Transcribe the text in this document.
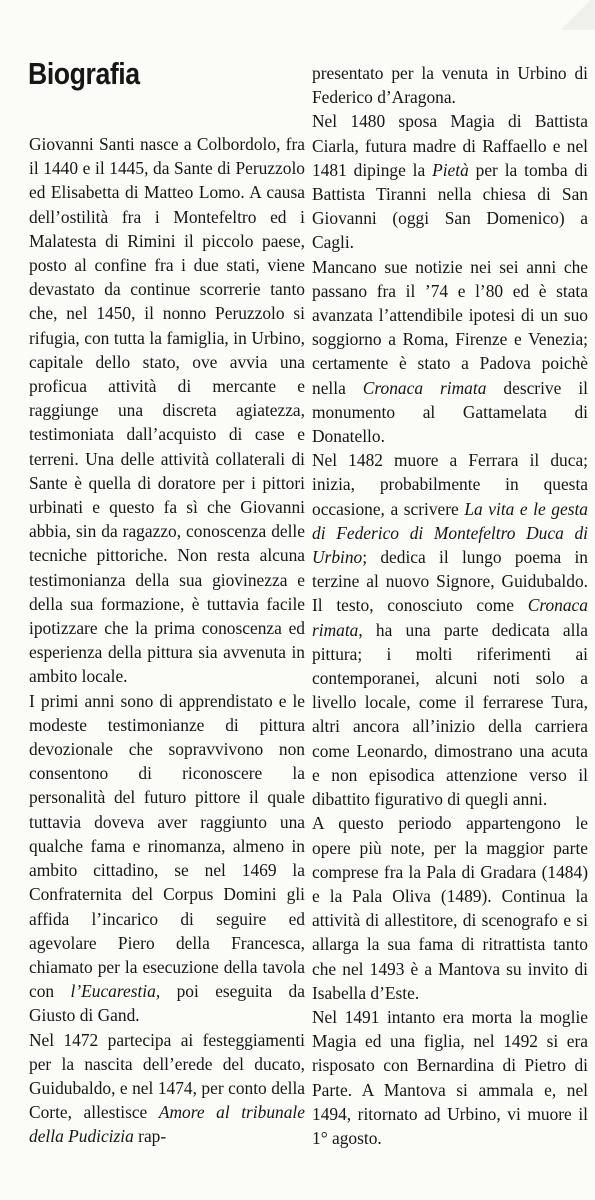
Biografia

Giovanni Santi nasce a Colbordolo, fra il 1440 e il 1445, da Sante di Peruzzolo ed Elisabetta di Matteo Lomo. A causa dell’ostilità fra i Montefeltro ed i Malatesta di Rimini il piccolo paese, posto al confine fra i due stati, viene devastato da continue scorrerie tanto che, nel 1450, il nonno Peruzzolo si rifugia, con tutta la famiglia, in Urbino, capitale dello stato, ove avvia una proficua attività di mercante e raggiunge una discreta agiatezza, testimoniata dall’acquisto di case e terreni. Una delle attività collaterali di Sante è quella di doratore per i pittori urbinati e questo fa sì che Giovanni abbia, sin da ragazzo, conoscenza delle tecniche pittoriche. Non resta alcuna testimonianza della sua giovinezza e della sua formazione, è tuttavia facile ipotizzare che la prima conoscenza ed esperienza della pittura sia avvenuta in ambito locale.

I primi anni sono di apprendistato e le modeste testimonianze di pittura devozionale che sopravvivono non consentono di riconoscere la personalità del futuro pittore il quale tuttavia doveva aver raggiunto una qualche fama e rinomanza, almeno in ambito cittadino, se nel 1469 la Confraternita del Corpus Domini gli affida l’incarico di seguire ed agevolare Piero della Francesca, chiamato per la esecuzione della tavola con l’Eucarestia, poi eseguita da Giusto di Gand.

Nel 1472 partecipa ai festeggiamenti per la nascita dell’erede del ducato, Guidubaldo, e nel 1474, per conto della Corte, allestisce Amore al tribunale della Pudicizia rap-

presentato per la venuta in Urbino di Federico d’Aragona.

Nel 1480 sposa Magia di Battista Ciarla, futura madre di Raffaello e nel 1481 dipinge la Pietà per la tomba di Battista Tiranni nella chiesa di San Giovanni (oggi San Domenico) a Cagli.

Mancano sue notizie nei sei anni che passano fra il ’74 e l’80 ed è stata avanzata l’attendibile ipotesi di un suo soggiorno a Roma, Firenze e Venezia; certamente è stato a Padova poichè nella Cronaca rimata descrive il monumento al Gattamelata di Donatello.

Nel 1482 muore a Ferrara il duca; inizia, probabilmente in questa occasione, a scrivere La vita e le gesta di Federico di Montefeltro Duca di Urbino; dedica il lungo poema in terzine al nuovo Signore, Guidubaldo. Il testo, conosciuto come Cronaca rimata, ha una parte dedicata alla pittura; i molti riferimenti ai contemporanei, alcuni noti solo a livello locale, come il ferrarese Tura, altri ancora all’inizio della carriera come Leonardo, dimostrano una acuta e non episodica attenzione verso il dibattito figurativo di quegli anni.

A questo periodo appartengono le opere più note, per la maggior parte comprese fra la Pala di Gradara (1484) e la Pala Oliva (1489). Continua la attività di allestitore, di scenografo e si allarga la sua fama di ritrattista tanto che nel 1493 è a Mantova su invito di Isabella d’Este.

Nel 1491 intanto era morta la moglie Magia ed una figlia, nel 1492 si era risposato con Bernardina di Pietro di Parte. A Mantova si ammala e, nel 1494, ritornato ad Urbino, vi muore il 1° agosto.
